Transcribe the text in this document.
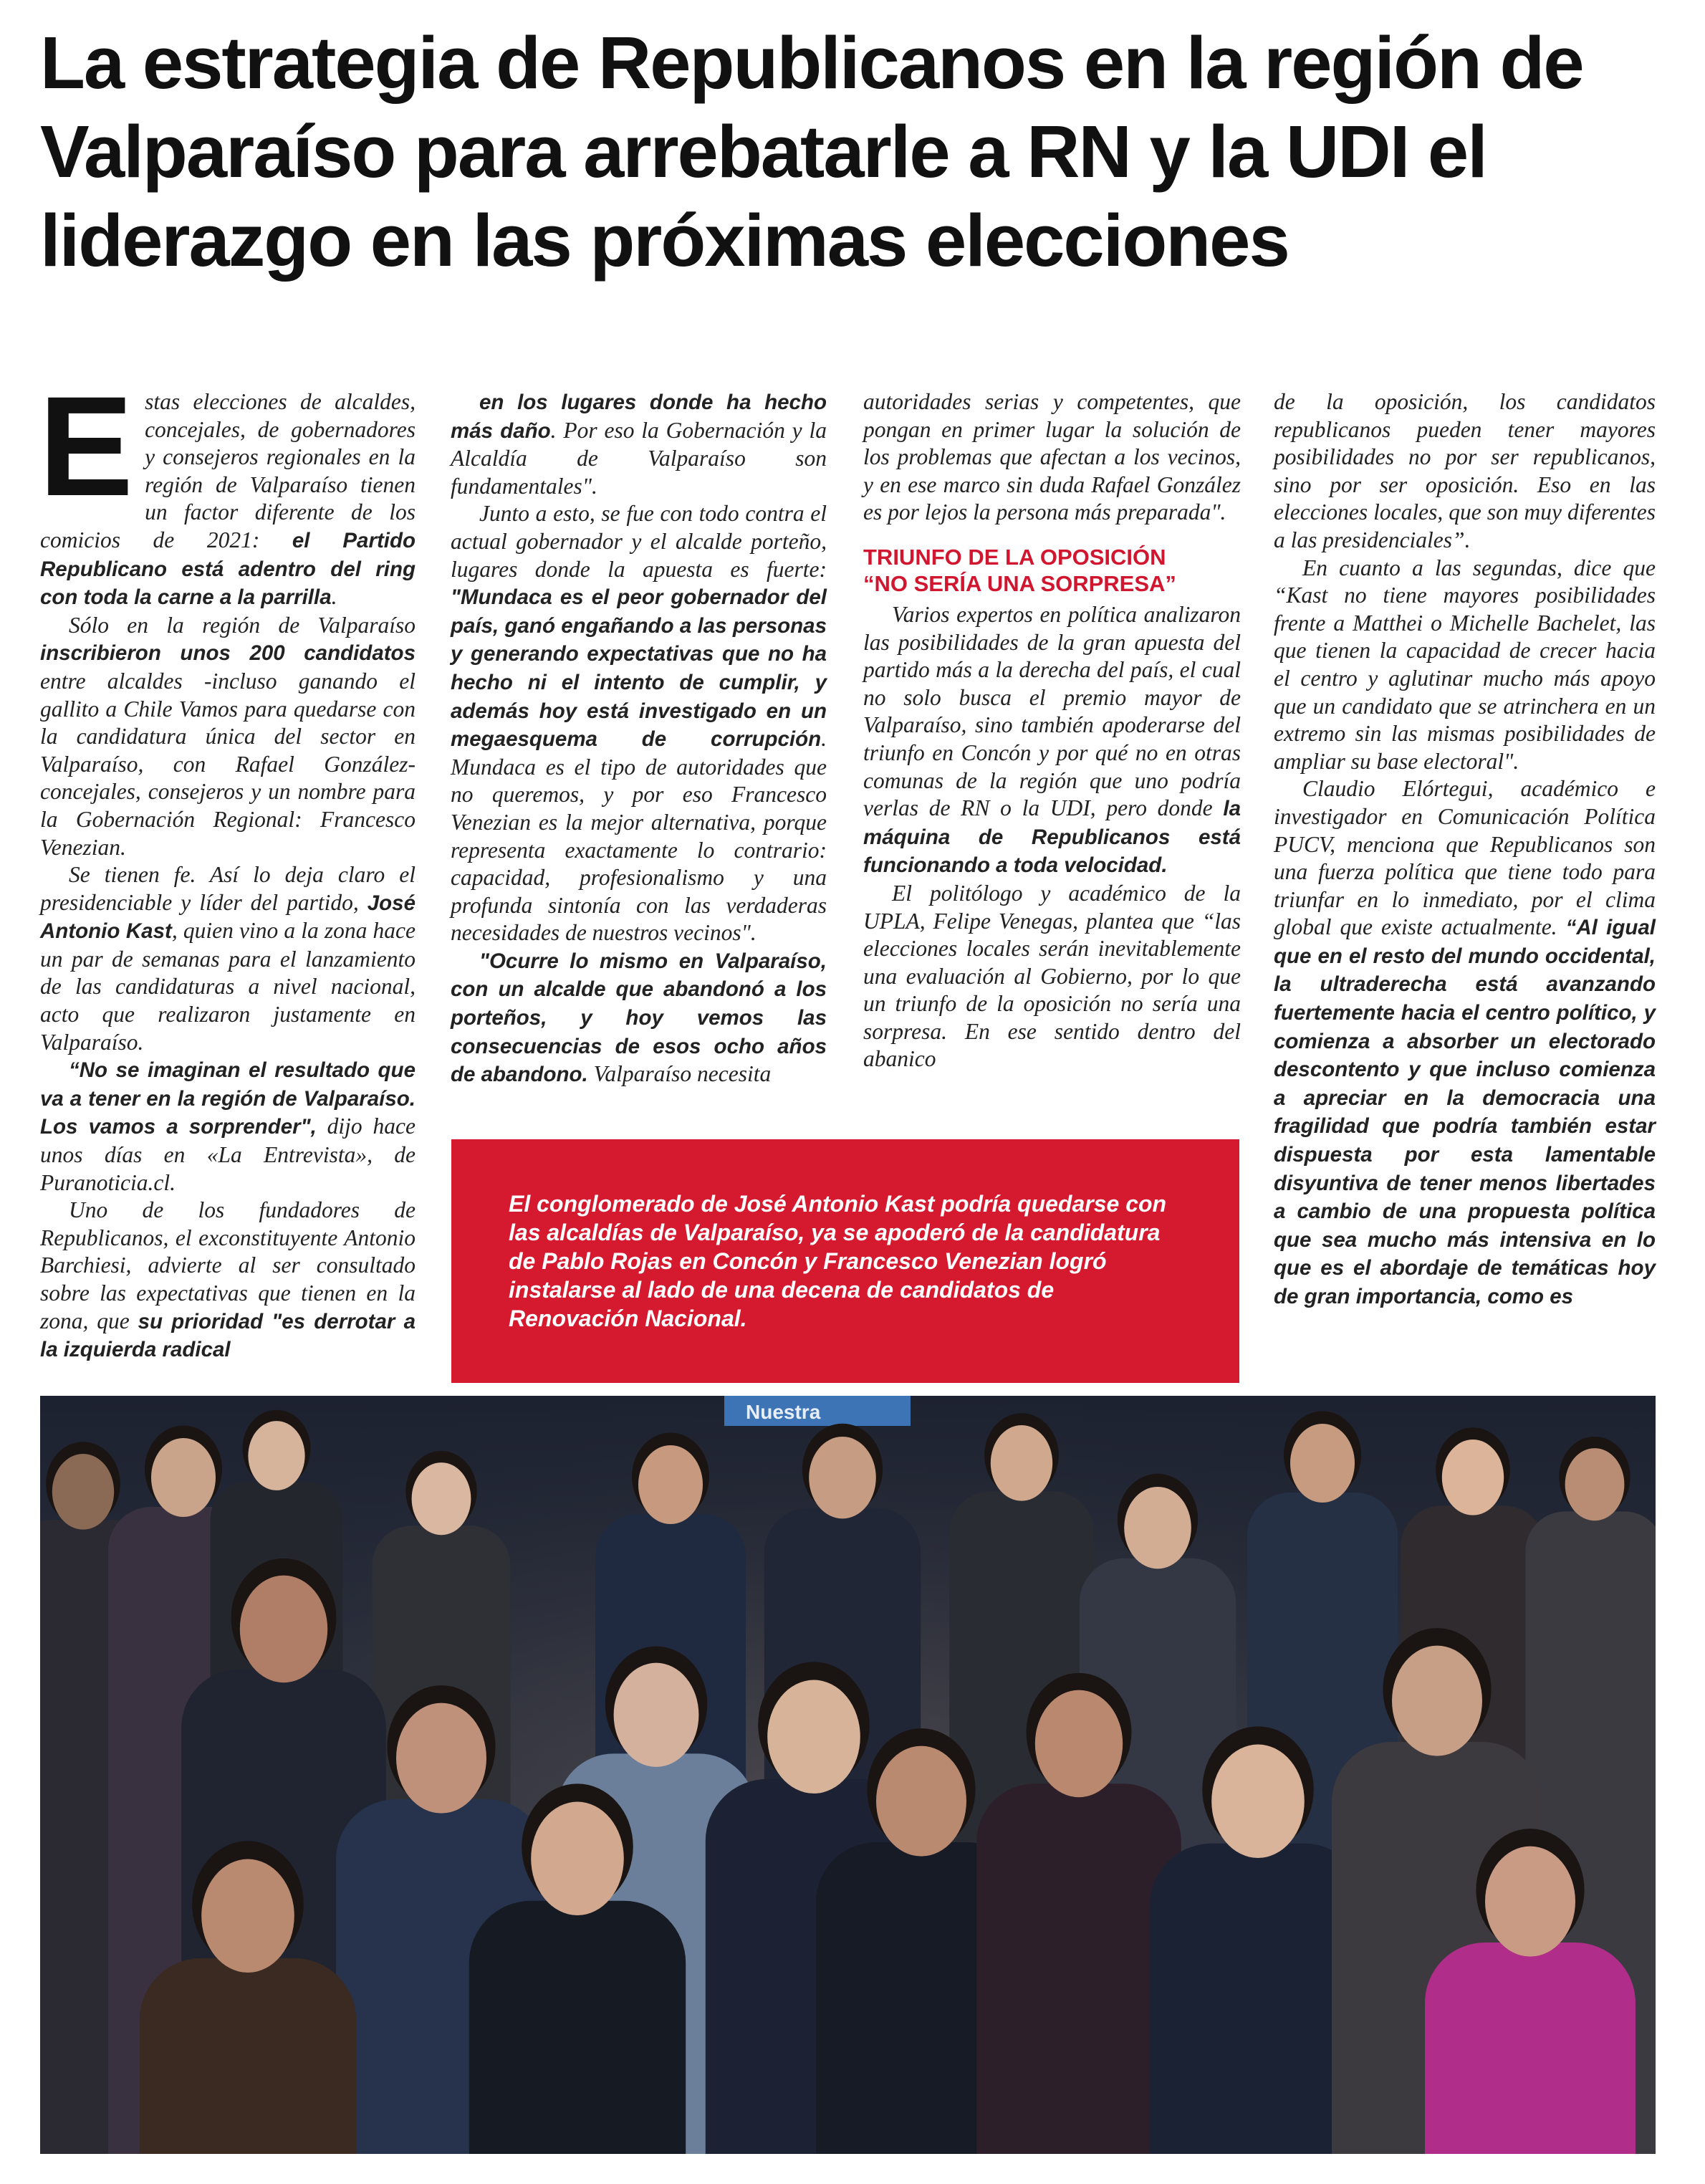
La estrategia de Republicanos en la región de Valparaíso para arrebatarle a RN y la UDI el liderazgo en las próximas elecciones
E stas elecciones de alcaldes, concejales, de gobernadores y consejeros regionales en la región de Valparaíso tienen un factor diferente de los comicios de 2021: el Partido Republicano está adentro del ring con toda la carne a la parrilla.

Sólo en la región de Valparaíso inscribieron unos 200 candidatos entre alcaldes -incluso ganando el gallito a Chile Vamos para quedarse con la candidatura única del sector en Valparaíso, con Rafael González- concejales, consejeros y un nombre para la Gobernación Regional: Francesco Venezian.

Se tienen fe. Así lo deja claro el presidenciable y líder del partido, José Antonio Kast, quien vino a la zona hace un par de semanas para el lanzamiento de las candidaturas a nivel nacional, acto que realizaron justamente en Valparaíso.

“No se imaginan el resultado que va a tener en la región de Valparaíso. Los vamos a sorprender", dijo hace unos días en «La Entrevista», de Puranoticia.cl.

Uno de los fundadores de Republicanos, el exconstituyente Antonio Barchiesi, advierte al ser consultado sobre las expectativas que tienen en la zona, que su prioridad "es derrotar a la izquierda radical

en los lugares donde ha hecho más daño. Por eso la Gobernación y la Alcaldía de Valparaíso son fundamentales".

Junto a esto, se fue con todo contra el actual gobernador y el alcalde porteño, lugares donde la apuesta es fuerte: "Mundaca es el peor gobernador del país, ganó engañando a las personas y generando expectativas que no ha hecho ni el intento de cumplir, y además hoy está investigado en un megaesquema de corrupción. Mundaca es el tipo de autoridades que no queremos, y por eso Francesco Venezian es la mejor alternativa, porque representa exactamente lo contrario: capacidad, profesionalismo y una profunda sintonía con las verdaderas necesidades de nuestros vecinos".

"Ocurre lo mismo en Valparaíso, con un alcalde que abandonó a los porteños, y hoy vemos las consecuencias de esos ocho años de abandono. Valparaíso necesita

autoridades serias y competentes, que pongan en primer lugar la solución de los problemas que afectan a los vecinos, y en ese marco sin duda Rafael González es por lejos la persona más preparada".

TRIUNFO DE LA OPOSICIÓN
“NO SERÍA UNA SORPRESA”

Varios expertos en política analizaron las posibilidades de la gran apuesta del partido más a la derecha del país, el cual no solo busca el premio mayor de Valparaíso, sino también apoderarse del triunfo en Concón y por qué no en otras comunas de la región que uno podría verlas de RN o la UDI, pero donde la máquina de Republicanos está funcionando a toda velocidad.

El politólogo y académico de la UPLA, Felipe Venegas, plantea que “las elecciones locales serán inevitablemente una evaluación al Gobierno, por lo que un triunfo de la oposición no sería una sorpresa. En ese sentido dentro del abanico

de la oposición, los candidatos republicanos pueden tener mayores posibilidades no por ser republicanos, sino por ser oposición. Eso en las elecciones locales, que son muy diferentes a las presidenciales”.

En cuanto a las segundas, dice que “Kast no tiene mayores posibilidades frente a Matthei o Michelle Bachelet, las que tienen la capacidad de crecer hacia el centro y aglutinar mucho más apoyo que un candidato que se atrinchera en un extremo sin las mismas posibilidades de ampliar su base electoral".

Claudio Elórtegui, académico e investigador en Comunicación Política PUCV, menciona que Republicanos son una fuerza política que tiene todo para triunfar en lo inmediato, por el clima global que existe actualmente. “Al igual que en el resto del mundo occidental, la ultraderecha está avanzando fuertemente hacia el centro político, y comienza a absorber un electorado descontento y que incluso comienza a apreciar en la democracia una fragilidad que podría también estar dispuesta por esta lamentable disyuntiva de tener menos libertades a cambio de una propuesta política que sea mucho más intensiva en lo que es el abordaje de temáticas hoy de gran importancia, como es

El conglomerado de José Antonio Kast podría quedarse con las alcaldías de Valparaíso, ya se apoderó de la candidatura de Pablo Rojas en Concón y Francesco Venezian logró instalarse al lado de una decena de candidatos de Renovación Nacional.

Nuestra
